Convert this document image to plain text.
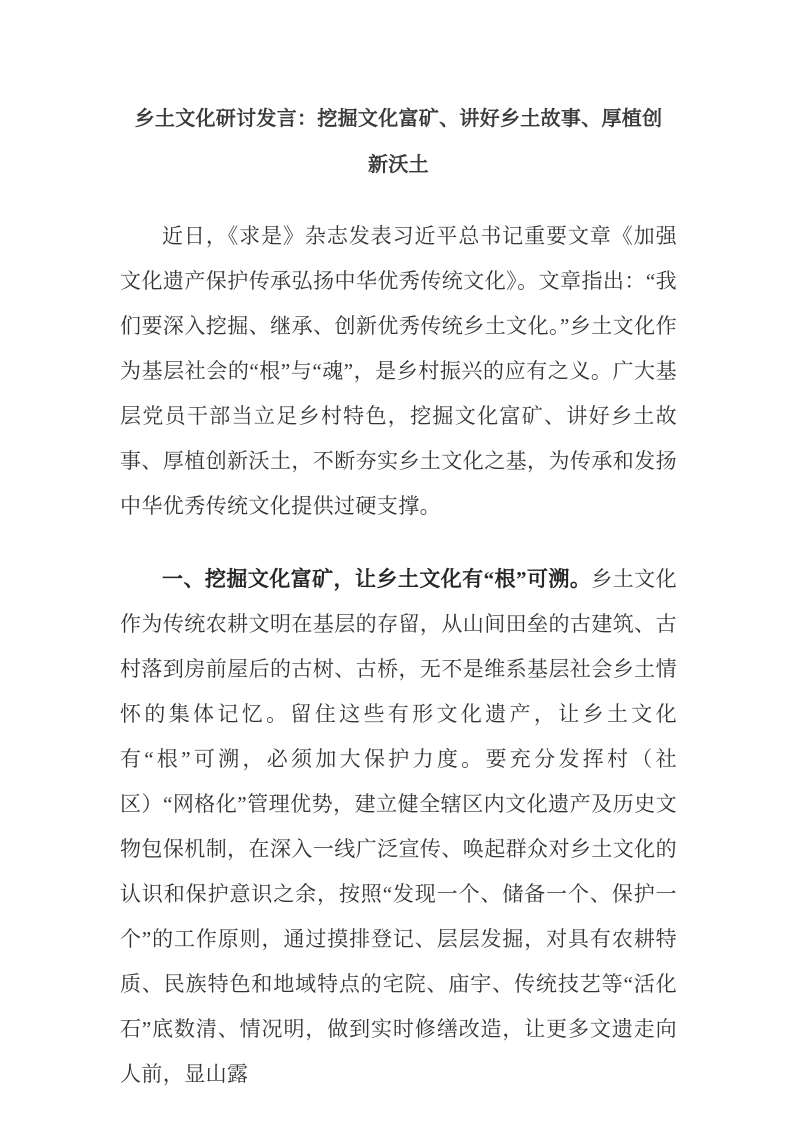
乡土文化研讨发言：挖掘文化富矿、讲好乡土故事、厚植创
新沃土

近日，《求是》杂志发表习近平总书记重要文章《加强文化遗产保护传承弘扬中华优秀传统文化》。文章指出：“我们要深入挖掘、继承、创新优秀传统乡土文化。”乡土文化作为基层社会的“根”与“魂”，是乡村振兴的应有之义。广大基层党员干部当立足乡村特色，挖掘文化富矿、讲好乡土故事、厚植创新沃土，不断夯实乡土文化之基，为传承和发扬中华优秀传统文化提供过硬支撑。

一、挖掘文化富矿，让乡土文化有“根”可溯。乡土文化作为传统农耕文明在基层的存留，从山间田垒的古建筑、古村落到房前屋后的古树、古桥，无不是维系基层社会乡土情怀的集体记忆。留住这些有形文化遗产，让乡土文化有“根”可溯，必须加大保护力度。要充分发挥村（社区）“网格化”管理优势，建立健全辖区内文化遗产及历史文物包保机制，在深入一线广泛宣传、唤起群众对乡土文化的认识和保护意识之余，按照“发现一个、储备一个、保护一个”的工作原则，通过摸排登记、层层发掘，对具有农耕特质、民族特色和地域特点的宅院、庙宇、传统技艺等“活化石”底数清、情况明，做到实时修缮改造，让更多文遗走向人前，显山露
